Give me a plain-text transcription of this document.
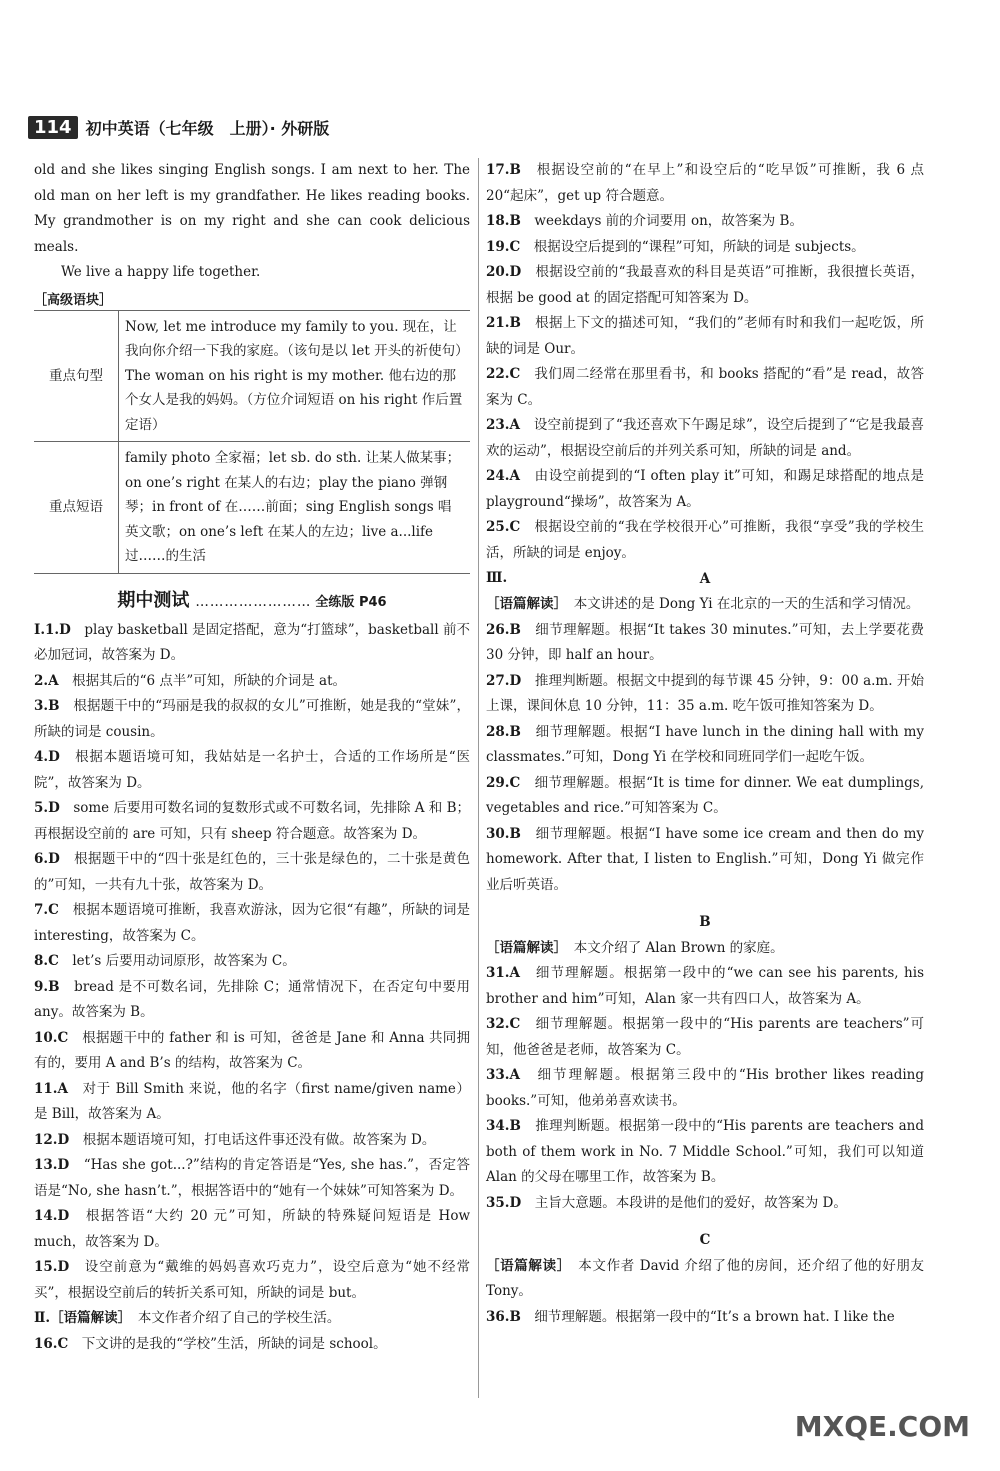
114 初中英语（七年级　上册）· 外研版

old and she likes singing English songs. I am next to her. The old man on her left is my grandfather. He likes reading books. My grandmother is on my right and she can cook delicious meals.

We live a happy life together.

［高级语块］
重点句型	Now, let me introduce my family to you. 现在，让我向你介绍一下我的家庭。（该句是以 let 开头的祈使句）The woman on his right is my mother. 他右边的那个女人是我的妈妈。（方位介词短语 on his right 作后置定语）
重点短语	family photo 全家福；let sb. do sth. 让某人做某事；on one’s right 在某人的右边；play the piano 弹钢琴；in front of 在……前面；sing English songs 唱英文歌；on one’s left 在某人的左边；live a...life 过……的生活
期中测试 …………………… 全练版 P46

Ⅰ.1.D　 play basketball 是固定搭配，意为“打篮球”，basketball 前不必加冠词，故答案为 D。

2.A　 根据其后的“6 点半”可知，所缺的介词是 at。

3.B　 根据题干中的“玛丽是我的叔叔的女儿”可推断，她是我的“堂妹”，所缺的词是 cousin。

4.D　 根据本题语境可知，我姑姑是一名护士，合适的工作场所是“医院”，故答案为 D。

5.D　 some 后要用可数名词的复数形式或不可数名词，先排除 A 和 B；再根据设空前的 are 可知，只有 sheep 符合题意。故答案为 D。

6.D　 根据题干中的“四十张是红色的，三十张是绿色的，二十张是黄色的”可知，一共有九十张，故答案为 D。

7.C　 根据本题语境可推断，我喜欢游泳，因为它很“有趣”，所缺的词是 interesting，故答案为 C。

8.C　 let’s 后要用动词原形，故答案为 C。

9.B　 bread 是不可数名词，先排除 C；通常情况下，在否定句中要用 any。故答案为 B。

10.C　 根据题干中的 father 和 is 可知，爸爸是 Jane 和 Anna 共同拥有的，要用 A and B’s 的结构，故答案为 C。

11.A　 对于 Bill Smith 来说，他的名字（first name/given name）是 Bill，故答案为 A。

12.D　 根据本题语境可知，打电话这件事还没有做。故答案为 D。

13.D　 “Has she got...?”结构的肯定答语是“Yes, she has.”，否定答语是“No, she hasn’t.”，根据答语中的“她有一个妹妹”可知答案为 D。

14.D　 根据答语“大约 20 元”可知，所缺的特殊疑问短语是 How much，故答案为 D。

15.D　 设空前意为“戴维的妈妈喜欢巧克力”，设空后意为“她不经常买”，根据设空前后的转折关系可知，所缺的词是 but。

Ⅱ.［语篇解读］　 本文作者介绍了自己的学校生活。

16.C　 下文讲的是我的“学校”生活，所缺的词是 school。

17.B　 根据设空前的“在早上”和设空后的“吃早饭”可推断，我 6 点 20“起床”，get up 符合题意。

18.B　 weekdays 前的介词要用 on，故答案为 B。

19.C　 根据设空后提到的“课程”可知，所缺的词是 subjects。

20.D　 根据设空前的“我最喜欢的科目是英语”可推断，我很擅长英语，根据 be good at 的固定搭配可知答案为 D。

21.B　 根据上下文的描述可知，“我们的”老师有时和我们一起吃饭，所缺的词是 Our。

22.C　 我们周二经常在那里看书，和 books 搭配的“看”是 read，故答案为 C。

23.A　 设空前提到了“我还喜欢下午踢足球”，设空后提到了“它是我最喜欢的运动”，根据设空前后的并列关系可知，所缺的词是 and。

24.A　 由设空前提到的“I often play it”可知，和踢足球搭配的地点是 playground“操场”，故答案为 A。

25.C　 根据设空前的“我在学校很开心”可推断，我很“享受”我的学校生活，所缺的词是 enjoy。

Ⅲ.	A

［语篇解读］　 本文讲述的是 Dong Yi 在北京的一天的生活和学习情况。

26.B　 细节理解题。根据“It takes 30 minutes.”可知，去上学要花费 30 分钟，即 half an hour。

27.D　 推理判断题。根据文中提到的每节课 45 分钟，9：00 a.m. 开始上课，课间休息 10 分钟，11：35 a.m. 吃午饭可推知答案为 D。

28.B　 细节理解题。根据“I have lunch in the dining hall with my classmates.”可知，Dong Yi 在学校和同班同学们一起吃午饭。

29.C　 细节理解题。根据“It is time for dinner. We eat dumplings, vegetables and rice.”可知答案为 C。

30.B　 细节理解题。根据“I have some ice cream and then do my homework. After that, I listen to English.”可知，Dong Yi 做完作业后听英语。

B

［语篇解读］　 本文介绍了 Alan Brown 的家庭。

31.A　 细节理解题。根据第一段中的“we can see his parents, his brother and him”可知，Alan 家一共有四口人，故答案为 A。

32.C　 细节理解题。根据第一段中的“His parents are teachers”可知，他爸爸是老师，故答案为 C。

33.A　 细节理解题。根据第三段中的“His brother likes reading books.”可知，他弟弟喜欢读书。

34.B　 推理判断题。根据第一段中的“His parents are teachers and both of them work in No. 7 Middle School.”可知，我们可以知道 Alan 的父母在哪里工作，故答案为 B。

35.D　 主旨大意题。本段讲的是他们的爱好，故答案为 D。

C

［语篇解读］　 本文作者 David 介绍了他的房间，还介绍了他的好朋友 Tony。

36.B　 细节理解题。根据第一段中的“It’s a brown hat. I like the

MXQE.COM
